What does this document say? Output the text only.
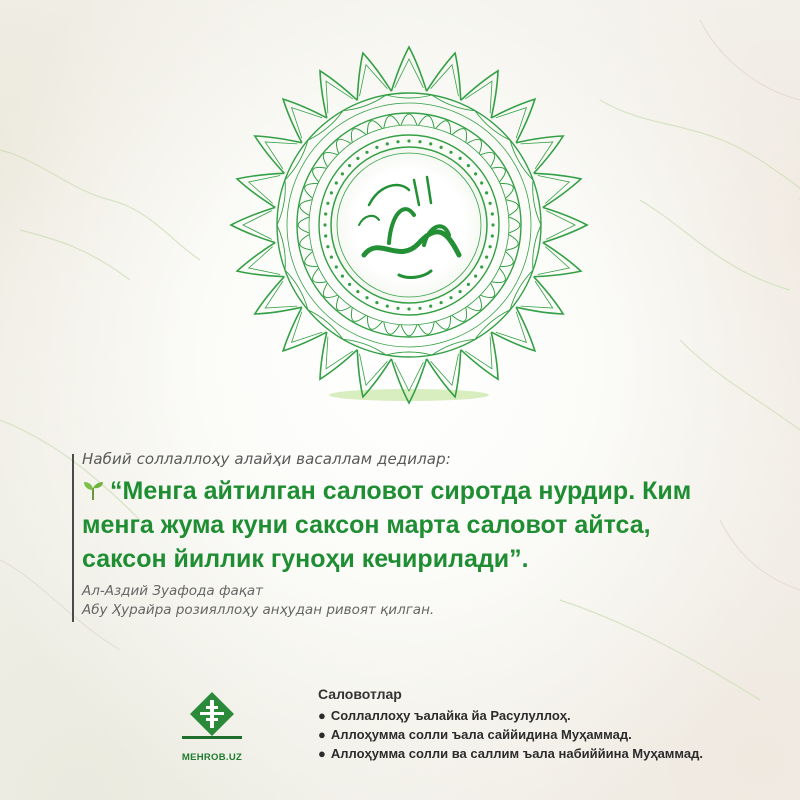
Набий соллаллоҳу алайҳи васаллам дедилар:

“Менга айтилган саловот сиротда нурдир. Ким менга жума куни саксон марта саловот айтса, саксон йиллик гуноҳи кечирилади”.

Ал-Аздий Зуафода фақат
Абу Ҳурайра розияллоҳу анҳудан ривоят қилган.

MEHROB.UZ
Саловотлар
● Соллаллоҳу ъалайка йа Расулуллоҳ.
● Аллоҳумма солли ъала саййидина Муҳаммад.
● Аллоҳумма солли ва саллим ъала набиййина Муҳаммад.
